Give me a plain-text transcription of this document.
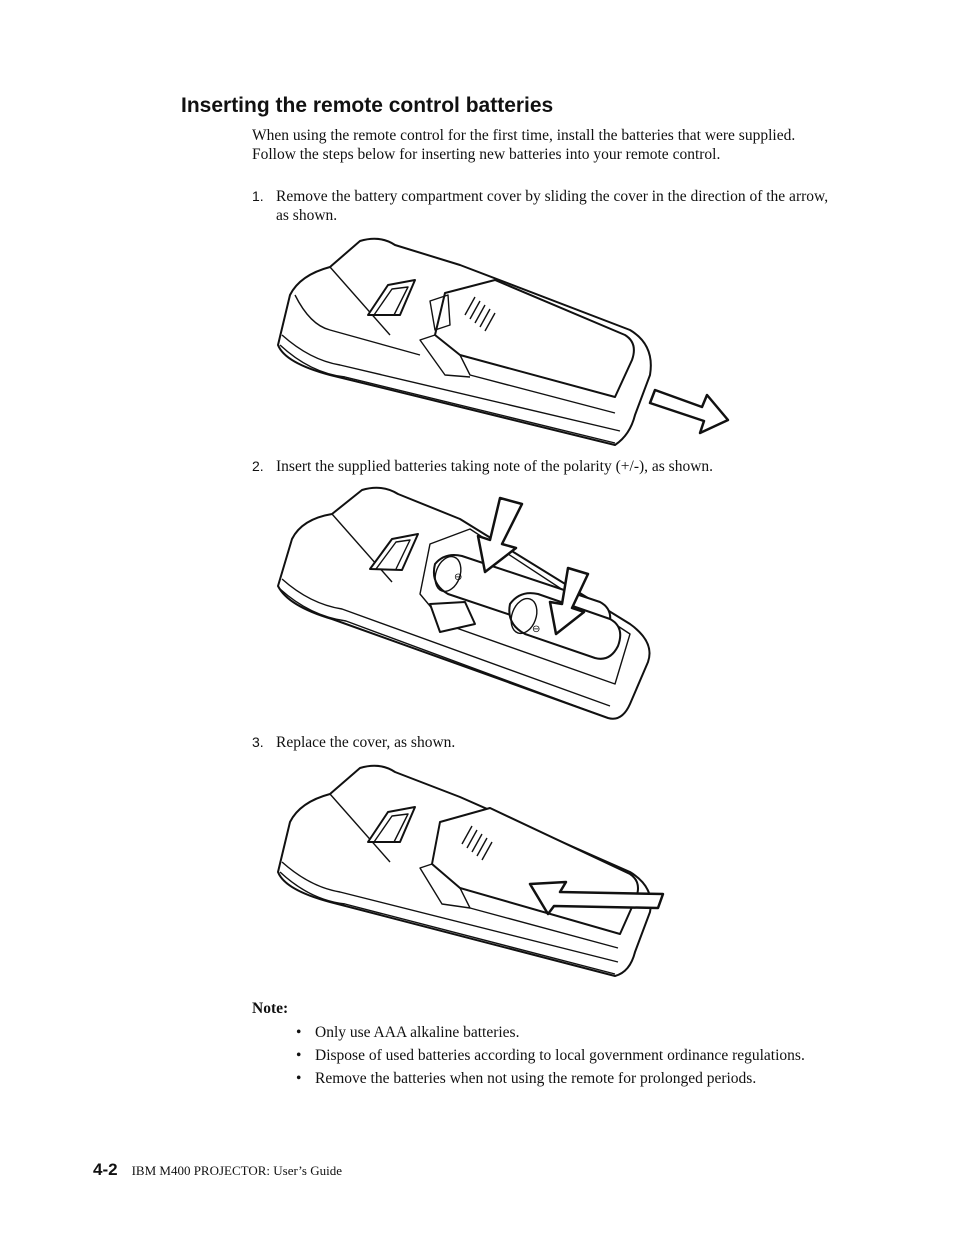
Inserting the remote control batteries

When using the remote control for the first time, install the batteries that were supplied. Follow the steps below for inserting new batteries into your remote control.

1. Remove the battery compartment cover by sliding the cover in the direction of the arrow, as shown.
2. Insert the supplied batteries taking note of the polarity (+/-), as shown.
⊖
⊖
3. Replace the cover, as shown.
Note:
• Only use AAA alkaline batteries.
• Dispose of used batteries according to local government ordinance regulations.
• Remove the batteries when not using the remote for prolonged periods.
4-2 IBM M400 PROJECTOR: User’s Guide
